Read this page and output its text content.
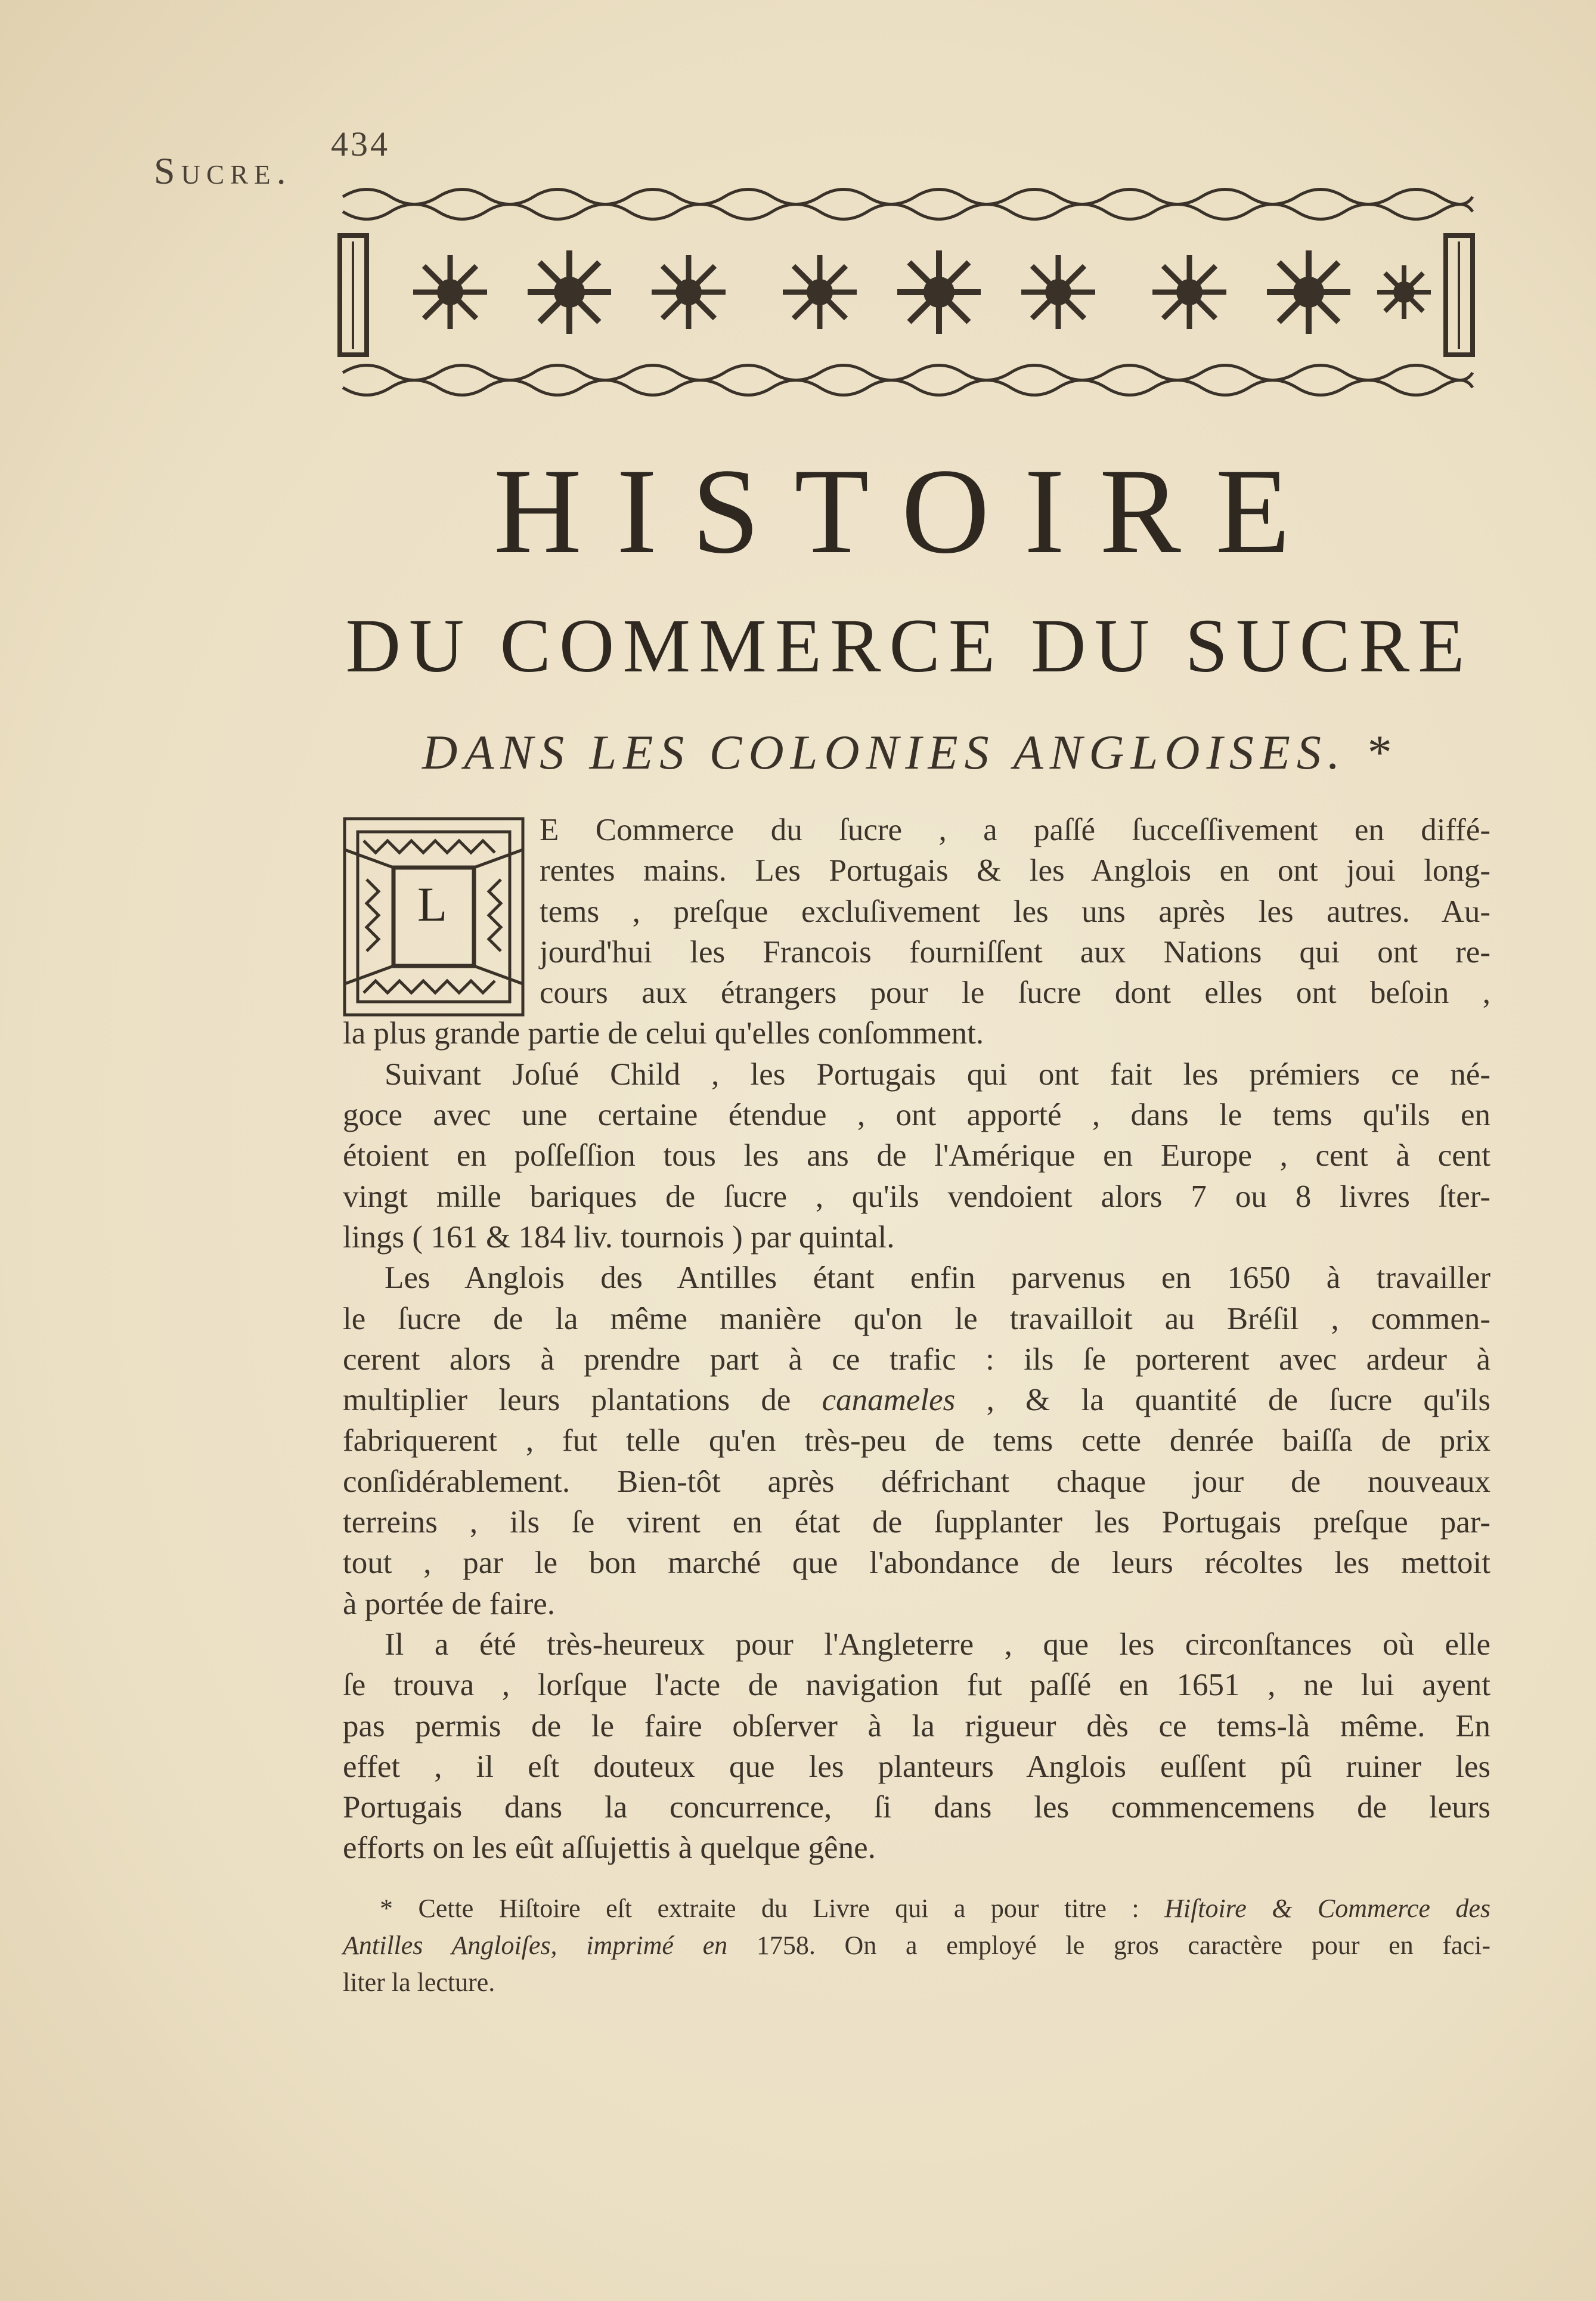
Sucre.
434
HISTOIRE
DU COMMERCE DU SUCRE
DANS LES COLONIES ANGLOISES. *
L

E Commerce du ſucre , a paſſé ſucceſſivement en diffé-

rentes mains. Les Portugais & les Anglois en ont joui long-

tems , preſque excluſivement les uns après les autres. Au-

jourd'hui les Francois fourniſſent aux Nations qui ont re-

cours aux étrangers pour le ſucre dont elles ont beſoin ,

la plus grande partie de celui qu'elles conſomment.

Suivant Joſué Child , les Portugais qui ont fait les prémiers ce né-

goce avec une certaine étendue , ont apporté , dans le tems qu'ils en

étoient en poſſeſſion tous les ans de l'Amérique en Europe , cent à cent

vingt mille bariques de ſucre , qu'ils vendoient alors 7 ou 8 livres ſter-

lings ( 161 & 184 liv. tournois ) par quintal.

Les Anglois des Antilles étant enfin parvenus en 1650 à travailler

le ſucre de la même manière qu'on le travailloit au Bréſil , commen-

cerent alors à prendre part à ce trafic : ils ſe porterent avec ardeur à

multiplier leurs plantations de canameles , & la quantité de ſucre qu'ils

fabriquerent , fut telle qu'en très-peu de tems cette denrée baiſſa de prix

conſidérablement. Bien-tôt après défrichant chaque jour de nouveaux

terreins , ils ſe virent en état de ſupplanter les Portugais preſque par-

tout , par le bon marché que l'abondance de leurs récoltes les mettoit

à portée de faire.

Il a été très-heureux pour l'Angleterre , que les circonſtances où elle

ſe trouva , lorſque l'acte de navigation fut paſſé en 1651 , ne lui ayent

pas permis de le faire obſerver à la rigueur dès ce tems-là même. En

effet , il eſt douteux que les planteurs Anglois euſſent pû ruiner les

Portugais dans la concurrence, ſi dans les commencemens de leurs

efforts on les eût aſſujettis à quelque gêne.

* Cette Hiſtoire eſt extraite du Livre qui a pour titre : Hiſtoire & Commerce des

Antilles Angloiſes, imprimé en 1758. On a employé le gros caractère pour en faci-

liter la lecture.
